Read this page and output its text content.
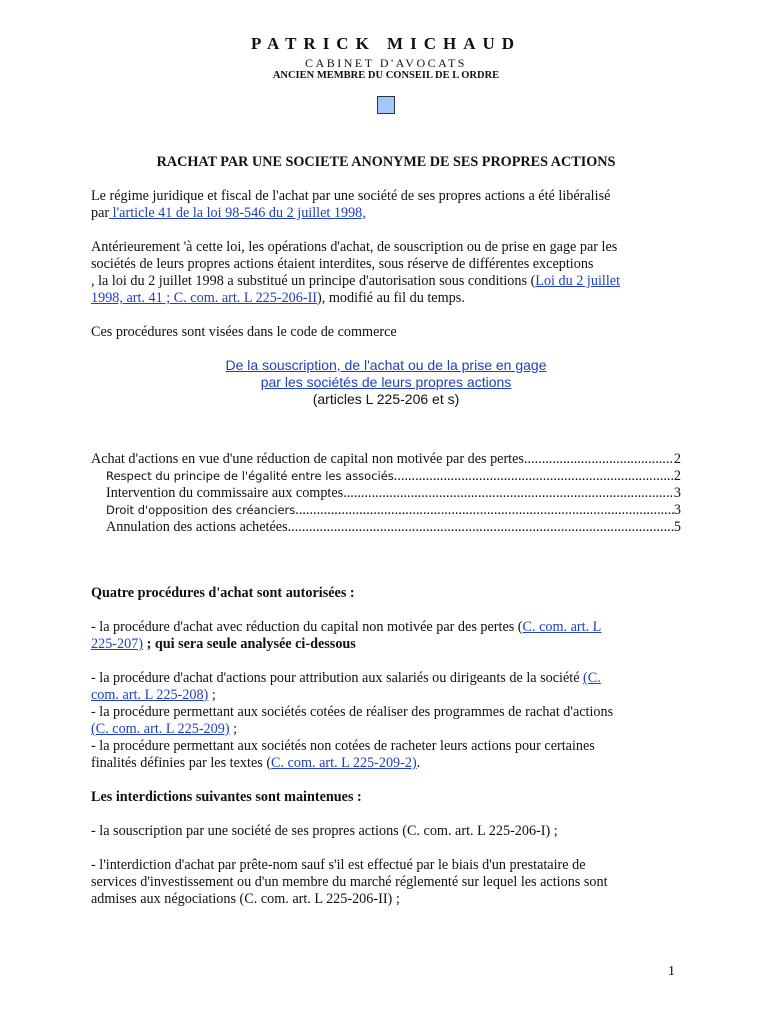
PATRICK MICHAUD
CABINET D'AVOCATS
ANCIEN MEMBRE DU CONSEIL DE L ORDRE
RACHAT PAR UNE SOCIETE ANONYME DE SES PROPRES ACTIONS

Le régime juridique et fiscal de l'achat par une société de ses propres actions a été libéralisé

par l'article 41 de la loi 98-546 du 2 juillet 1998,

Antérieurement 'à cette loi, les opérations d'achat, de souscription ou de prise en gage par les

sociétés de leurs propres actions étaient interdites, sous réserve de différentes exceptions

, la loi du 2 juillet 1998 a substitué un principe d'autorisation sous conditions (Loi du 2 juillet

1998, art. 41 ; C. com. art. L 225-206-II), modifié au fil du temps.

Ces procédures sont visées dans le code de commerce

De la souscription, de l'achat ou de la prise en gage
par les sociétés de leurs propres actions
(articles L 225-206 et s)
Achat d'actions en vue d'une réduction de capital non motivée par des pertes .....	2
Respect du principe de l'égalité entre les associés .....	2
Intervention du commissaire aux comptes .....	3
Droit d'opposition des créanciers .....	3
Annulation des actions achetées .....	5

Quatre procédures d'achat sont autorisées :

- la procédure d'achat avec réduction du capital non motivée par des pertes (C. com. art. L

225-207) ; qui sera seule analysée ci-dessous

- la procédure d'achat d'actions pour attribution aux salariés ou dirigeants de la société (C.

com. art. L 225-208) ;

- la procédure permettant aux sociétés cotées de réaliser des programmes de rachat d'actions

(C. com. art. L 225-209) ;

- la procédure permettant aux sociétés non cotées de racheter leurs actions pour certaines

finalités définies par les textes (C. com. art. L 225-209-2).

Les interdictions suivantes sont maintenues :

- la souscription par une société de ses propres actions (C. com. art. L 225-206-I) ;

- l'interdiction d'achat par prête-nom sauf s'il est effectué par le biais d'un prestataire de

services d'investissement ou d'un membre du marché réglementé sur lequel les actions sont

admises aux négociations (C. com. art. L 225-206-II) ;

1
